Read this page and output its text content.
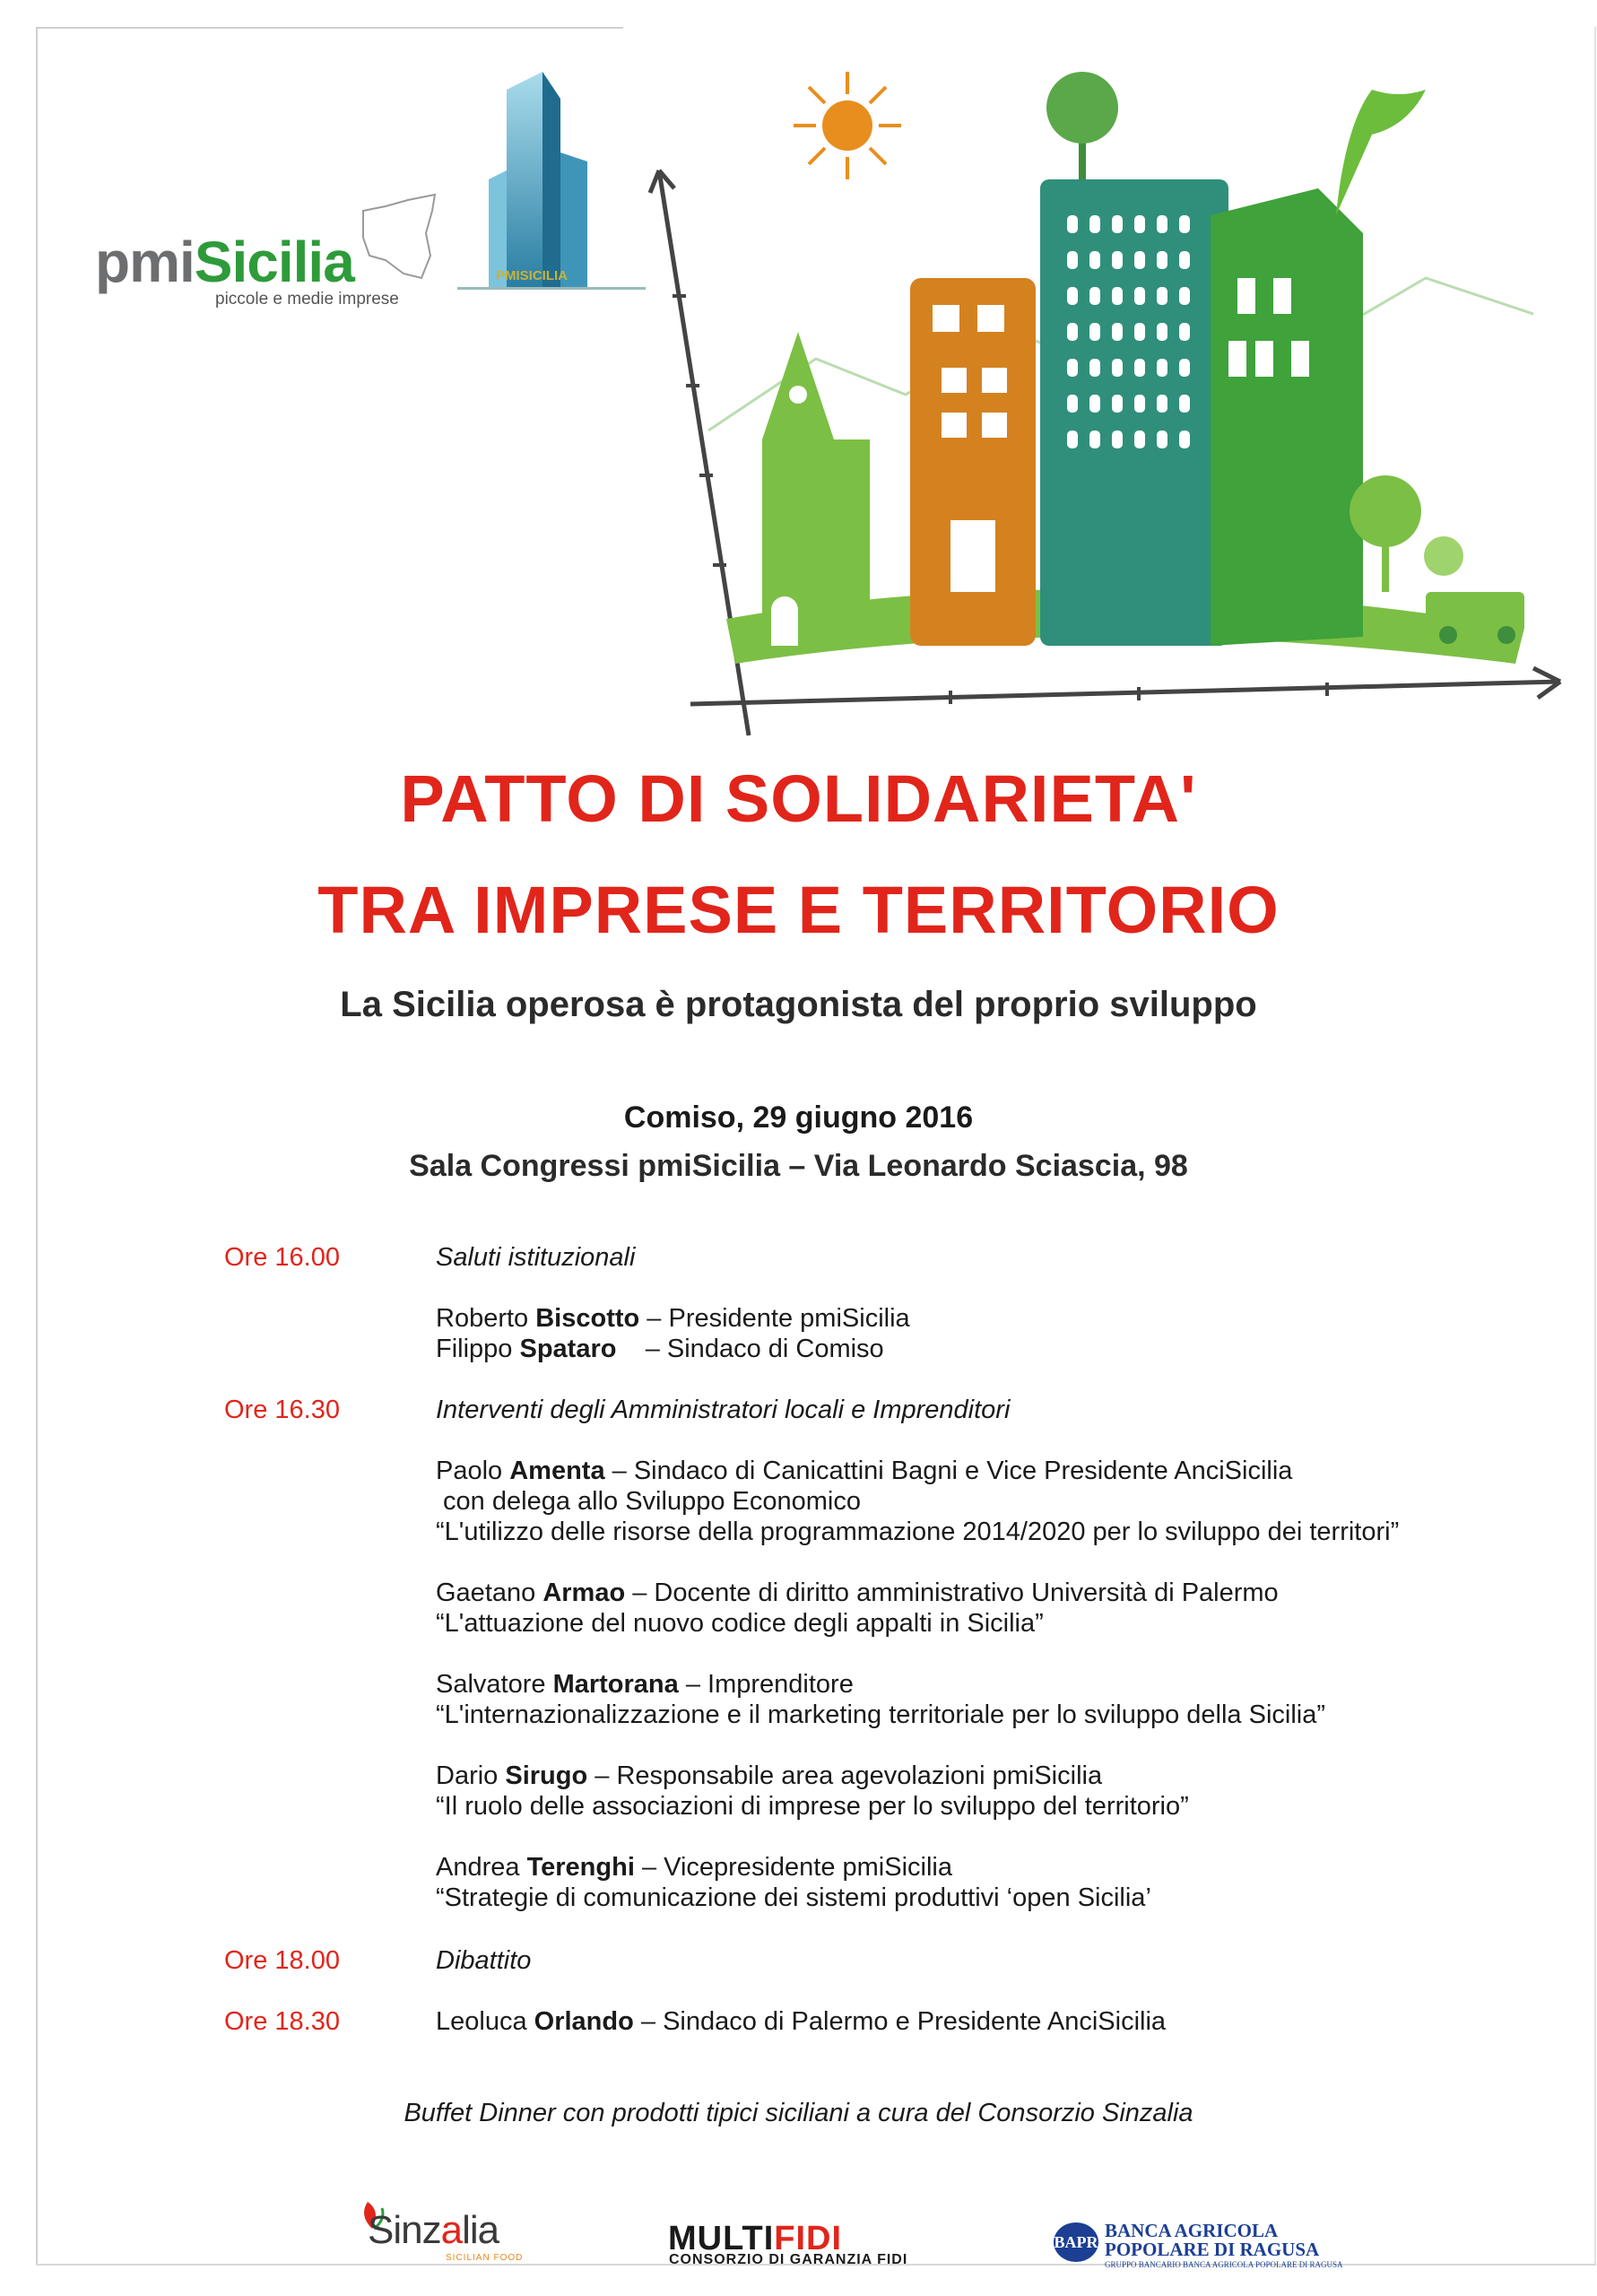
pmiSicilia
piccole e medie imprese
PMISICILIA
PATTO DI SOLIDARIETA'
TRA IMPRESE E TERRITORIO
La Sicilia operosa è protagonista del proprio sviluppo
Comiso, 29 giugno 2016
Sala Congressi pmiSicilia – Via Leonardo Sciascia, 98
Ore 16.00	Saluti istituzionali
Roberto Biscotto – Presidente pmiSicilia
Filippo Spataro    – Sindaco di Comiso
Ore 16.30	Interventi degli Amministratori locali e Imprenditori
Paolo Amenta – Sindaco di Canicattini Bagni e Vice Presidente AnciSicilia
con delega allo Sviluppo Economico
“L'utilizzo delle risorse della programmazione 2014/2020 per lo sviluppo dei territori”
Gaetano Armao – Docente di diritto amministrativo Università di Palermo
“L'attuazione del nuovo codice degli appalti in Sicilia”
Salvatore Martorana – Imprenditore
“L'internazionalizzazione e il marketing territoriale per lo sviluppo della Sicilia”
Dario Sirugo – Responsabile area agevolazioni pmiSicilia
“Il ruolo delle associazioni di imprese per lo sviluppo del territorio”
Andrea Terenghi – Vicepresidente pmiSicilia
“Strategie di comunicazione dei sistemi produttivi ‘open Sicilia’
Ore 18.00	Dibattito
Ore 18.30	Leoluca Orlando – Sindaco di Palermo e Presidente AnciSicilia
Buffet Dinner con prodotti tipici siciliani a cura del Consorzio Sinzalia
Sinzalia
SICILIAN FOOD
MULTIFIDI
CONSORZIO DI GARANZIA FIDI
BAPR
BANCA AGRICOLA
POPOLARE DI RAGUSA
GRUPPO BANCARIO BANCA AGRICOLA POPOLARE DI RAGUSA
